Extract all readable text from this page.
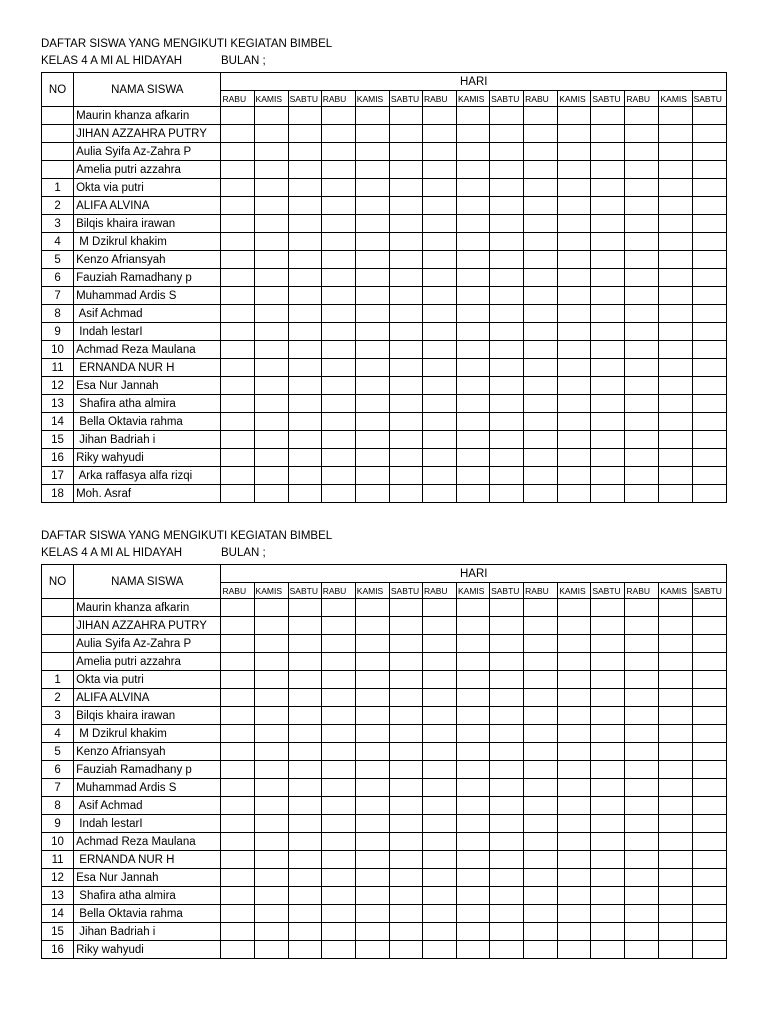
DAFTAR SISWA YANG MENGIKUTI KEGIATAN BIMBEL
KELAS 4 A MI AL HIDAYAH	BULAN ;
NO	NAMA SISWA	HARI														
		RABU	KAMIS	SABTU	RABU	KAMIS	SABTU	RABU	KAMIS	SABTU	RABU	KAMIS	SABTU	RABU	KAMIS	SABTU
	Maurin khanza afkarin															
	JIHAN AZZAHRA PUTRY															
	Aulia Syifa Az-Zahra P															
	Amelia putri azzahra															
1	Okta via putri															
2	ALIFA ALVINA															
3	Bilqis khaira irawan															
4	M Dzikrul khakim															
5	Kenzo Afriansyah															
6	Fauziah Ramadhany p															
7	Muhammad Ardis S															
8	Asif Achmad															
9	Indah lestarI															
10	Achmad Reza Maulana															
11	ERNANDA NUR H															
12	Esa Nur Jannah															
13	Shafira atha almira															
14	Bella Oktavia rahma															
15	Jihan Badriah i															
16	Riky wahyudi															
17	Arka raffasya alfa rizqi															
18	Moh. Asraf															
DAFTAR SISWA YANG MENGIKUTI KEGIATAN BIMBEL
KELAS 4 A MI AL HIDAYAH	BULAN ;
NO	NAMA SISWA	HARI														
		RABU	KAMIS	SABTU	RABU	KAMIS	SABTU	RABU	KAMIS	SABTU	RABU	KAMIS	SABTU	RABU	KAMIS	SABTU
	Maurin khanza afkarin															
	JIHAN AZZAHRA PUTRY															
	Aulia Syifa Az-Zahra P															
	Amelia putri azzahra															
1	Okta via putri															
2	ALIFA ALVINA															
3	Bilqis khaira irawan															
4	M Dzikrul khakim															
5	Kenzo Afriansyah															
6	Fauziah Ramadhany p															
7	Muhammad Ardis S															
8	Asif Achmad															
9	Indah lestarI															
10	Achmad Reza Maulana															
11	ERNANDA NUR H															
12	Esa Nur Jannah															
13	Shafira atha almira															
14	Bella Oktavia rahma															
15	Jihan Badriah i															
16	Riky wahyudi															
